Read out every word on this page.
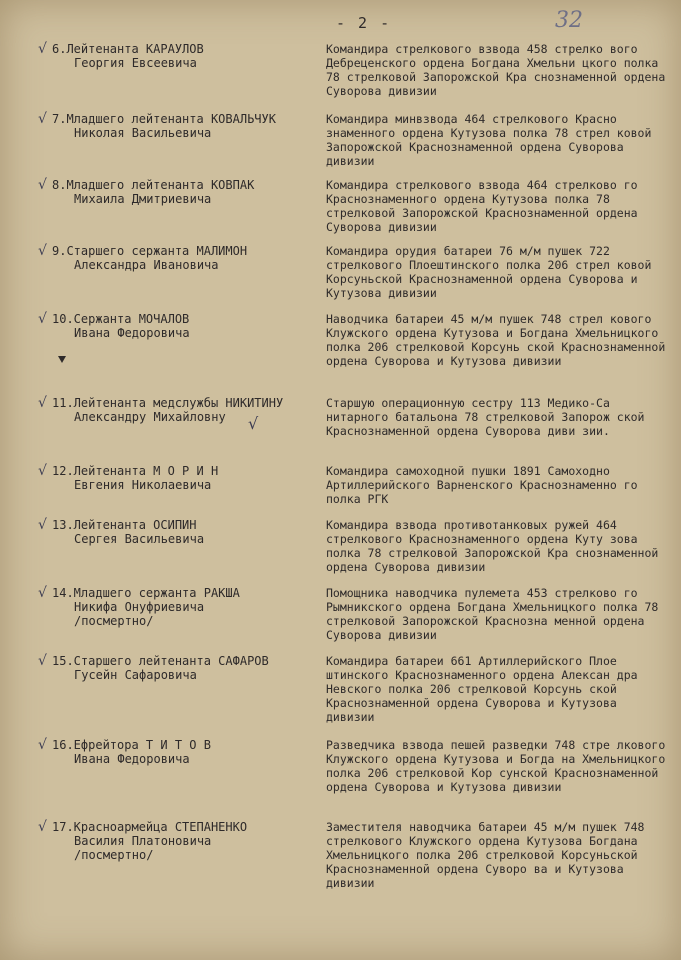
- 2 -	32
√ 6.Лейтенанта КАРАУЛОВ
Георгия Евсеевича
Командира стрелкового взвода 458 стрелко вого Дебреценского ордена Богдана Хмельни цкого полка 78 стрелковой Запорожской Кра снознаменной ордена Суворова дивизии
√ 7.Младшего лейтенанта КОВАЛЬЧУК
Николая Васильевича
Командира минвзвода 464 стрелкового Красно знаменного ордена Кутузова полка 78 стрел ковой Запорожской Краснознаменной ордена Суворова дивизии
√ 8.Младшего лейтенанта КОВПАК
Михаила Дмитриевича
Командира стрелкового взвода 464 стрелково го Краснознаменного ордена Кутузова полка 78 стрелковой Запорожской Краснознаменной ордена Суворова дивизии
√ 9.Старшего сержанта МАЛИМОН
Александра Ивановича
Командира орудия батареи 76 м/м пушек 722 стрелкового Плоештинского полка 206 стрел ковой Корсуньской Краснознаменной ордена Суворова и Кутузова дивизии
√ 10.Сержанта МОЧАЛОВ
Ивана Федоровича
Наводчика батареи 45 м/м пушек 748 стрел кового Клужского ордена Кутузова и Богдана Хмельницкого полка 206 стрелковой Корсунь ской Краснознаменной ордена Суворова и Кутузова дивизии
√ 11.Лейтенанта медслужбы НИКИТИНУ
Александру Михайловну	√
Старшую операционную сестру 113 Медико-Са нитарного батальона 78 стрелковой Запорож ской Краснознаменной ордена Суворова диви зии.
√ 12.Лейтенанта М О Р И Н
Евгения Николаевича
Командира самоходной пушки 1891 Самоходно Артиллерийского Варненского Краснознаменно го полка РГК
√ 13.Лейтенанта ОСИПИН
Сергея Васильевича
Командира взвода противотанковых ружей 464 стрелкового Краснознаменного ордена Куту зова полка 78 стрелковой Запорожской Кра снознаменной ордена Суворова дивизии
√ 14.Младшего сержанта РАКША
Никифа Онуфриевича
/посмертно/
Помощника наводчика пулемета 453 стрелково го Рымникского ордена Богдана Хмельницкого полка 78 стрелковой Запорожской Краснозна менной ордена Суворова дивизии
√ 15.Старшего лейтенанта САФАРОВ
Гусейн Сафаровича
Командира батареи 661 Артиллерийского Плое штинского Краснознаменного ордена Алексан дра Невского полка 206 стрелковой Корсунь ской Краснознаменной ордена Суворова и Кутузова дивизии
√ 16.Ефрейтора Т И Т О В
Ивана Федоровича
Разведчика взвода пешей разведки 748 стре лкового Клужского ордена Кутузова и Богда на Хмельницкого полка 206 стрелковой Кор сунской Краснознаменной ордена Суворова и Кутузова дивизии
√ 17.Красноармейца СТЕПАНЕНКО
Василия Платоновича
/посмертно/
Заместителя наводчика батареи 45 м/м пушек 748 стрелкового Клужского ордена Кутузова Богдана Хмельницкого полка 206 стрелковой Корсуньской Краснознаменной ордена Суворо ва и Кутузова дивизии
